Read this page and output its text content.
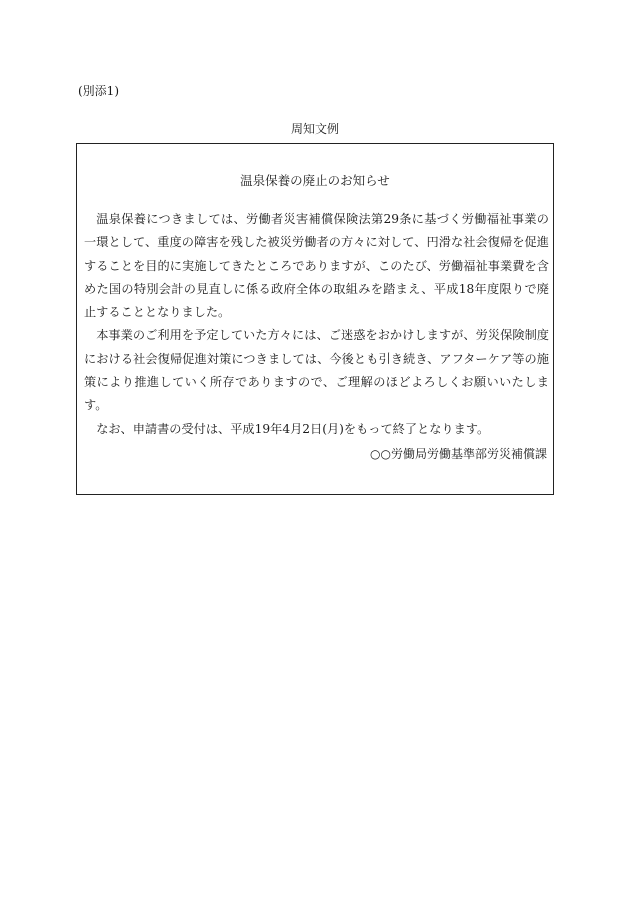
(別添1)
周知文例
温泉保養の廃止のお知らせ

温泉保養につきましては、労働者災害補償保険法第29条に基づく労働福祉事業の一環として、重度の障害を残した被災労働者の方々に対して、円滑な社会復帰を促進することを目的に実施してきたところでありますが、このたび、労働福祉事業費を含めた国の特別会計の見直しに係る政府全体の取組みを踏まえ、平成18年度限りで廃止することとなりました。

本事業のご利用を予定していた方々には、ご迷惑をおかけしますが、労災保険制度における社会復帰促進対策につきましては、今後とも引き続き、アフターケア等の施策により推進していく所存でありますので、ご理解のほどよろしくお願いいたします。

なお、申請書の受付は、平成19年4月2日(月)をもって終了となります。

○○労働局労働基準部労災補償課
